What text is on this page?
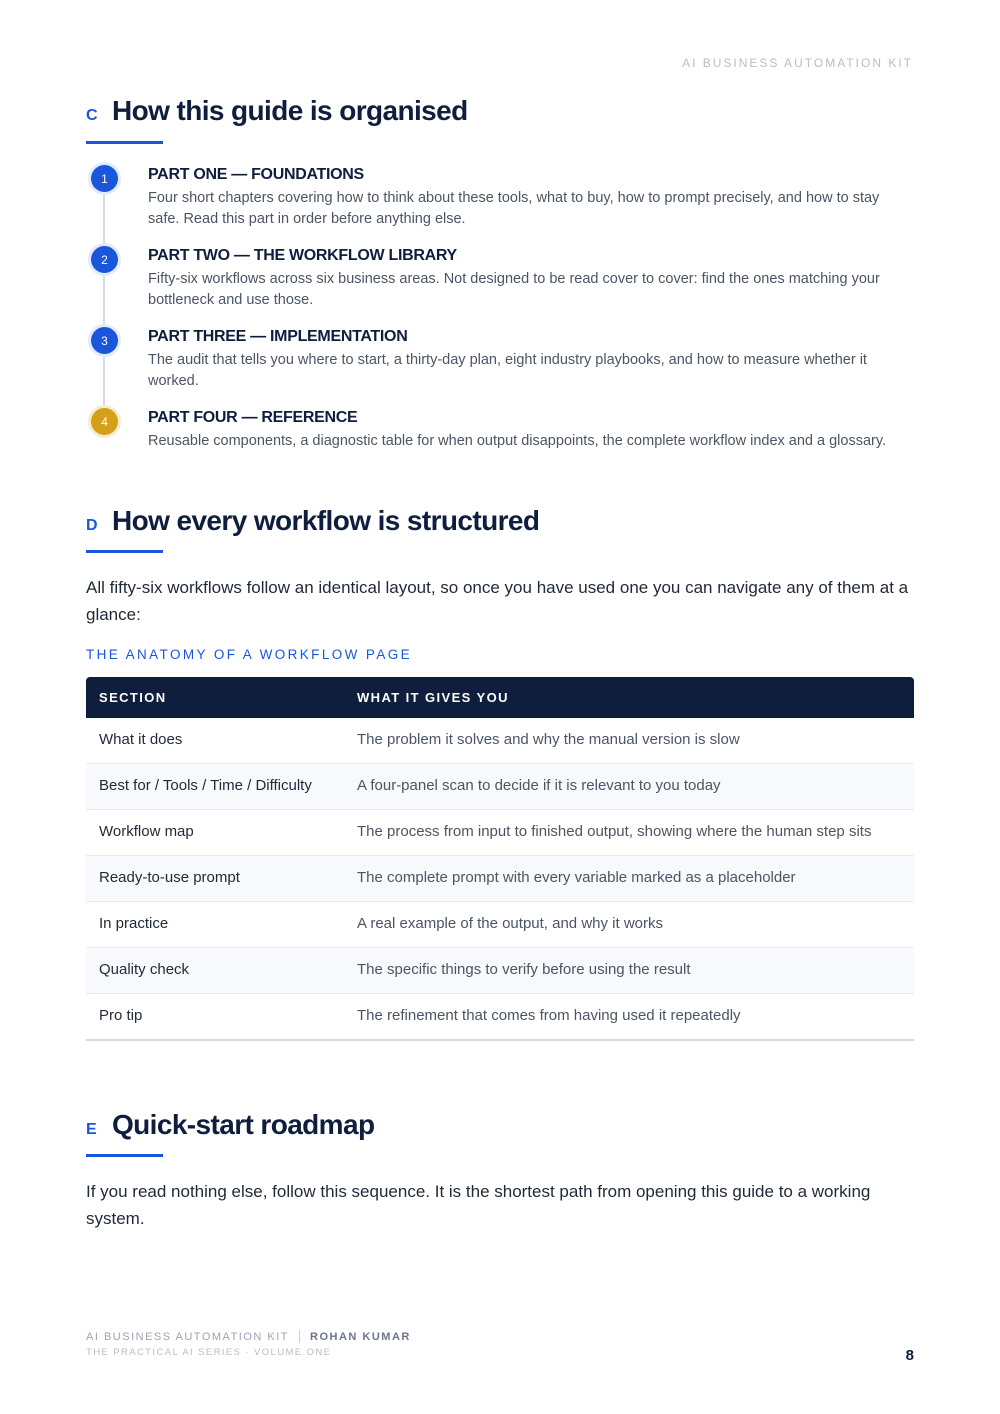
AI BUSINESS AUTOMATION KIT
C How this guide is organised
1	PART ONE — FOUNDATIONS
Four short chapters covering how to think about these tools, what to buy, how to prompt precisely, and how to stay safe. Read this part in order before anything else.
2	PART TWO — THE WORKFLOW LIBRARY
Fifty-six workflows across six business areas. Not designed to be read cover to cover: find the ones matching your bottleneck and use those.
3	PART THREE — IMPLEMENTATION
The audit that tells you where to start, a thirty-day plan, eight industry playbooks, and how to measure whether it worked.
4	PART FOUR — REFERENCE
Reusable components, a diagnostic table for when output disappoints, the complete workflow index and a glossary.
D How every workflow is structured

All fifty-six workflows follow an identical layout, so once you have used one you can navigate any of them at a glance:

THE ANATOMY OF A WORKFLOW PAGE
SECTION	WHAT IT GIVES YOU
What it does	The problem it solves and why the manual version is slow
Best for / Tools / Time / Difficulty	A four-panel scan to decide if it is relevant to you today
Workflow map	The process from input to finished output, showing where the human step sits
Ready-to-use prompt	The complete prompt with every variable marked as a placeholder
In practice	A real example of the output, and why it works
Quality check	The specific things to verify before using the result
Pro tip	The refinement that comes from having used it repeatedly
E Quick-start roadmap

If you read nothing else, follow this sequence. It is the shortest path from opening this guide to a working system.

AI BUSINESS AUTOMATION KIT ROHAN KUMAR
THE PRACTICAL AI SERIES · VOLUME ONE	8
